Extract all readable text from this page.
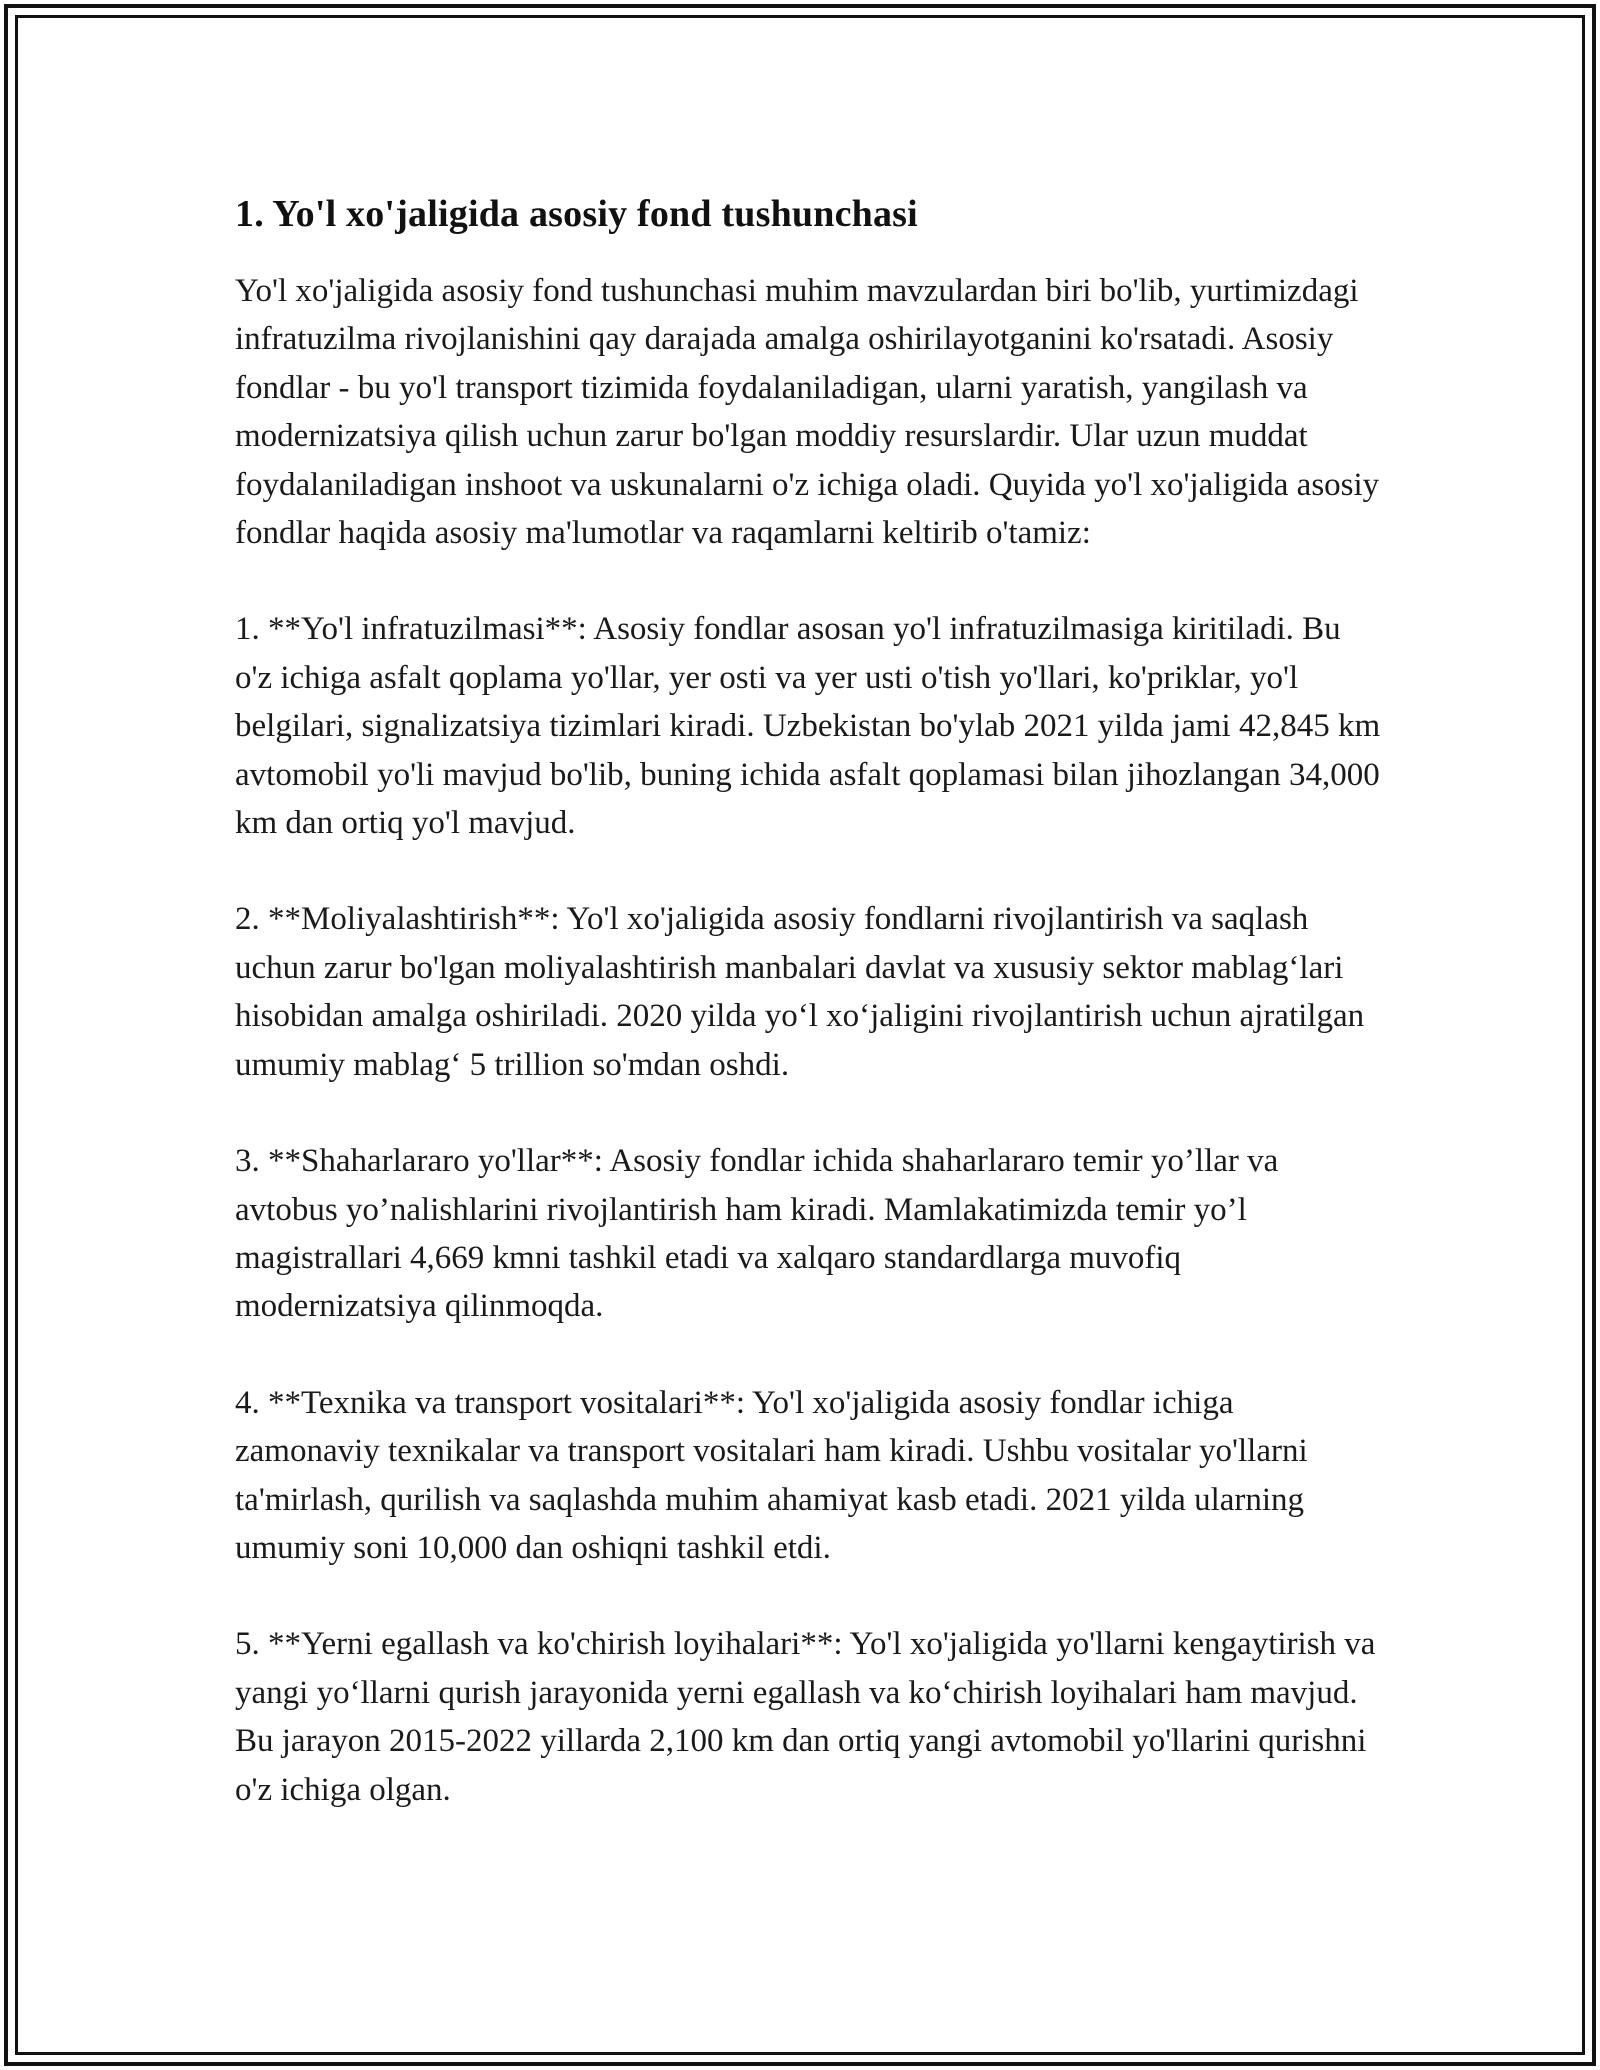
1. Yo'l xo'jaligida asosiy fond tushunchasi

Yo'l xo'jaligida asosiy fond tushunchasi muhim mavzulardan biri bo'lib, yurtimizdagi infratuzilma rivojlanishini qay darajada amalga oshirilayotganini ko'rsatadi. Asosiy fondlar - bu yo'l transport tizimida foydalaniladigan, ularni yaratish, yangilash va modernizatsiya qilish uchun zarur bo'lgan moddiy resurslardir. Ular uzun muddat foydalaniladigan inshoot va uskunalarni o'z ichiga oladi. Quyida yo'l xo'jaligida asosiy fondlar haqida asosiy ma'lumotlar va raqamlarni keltirib o'tamiz:

1. **Yo'l infratuzilmasi**: Asosiy fondlar asosan yo'l infratuzilmasiga kiritiladi. Bu o'z ichiga asfalt qoplama yo'llar, yer osti va yer usti o'tish yo'llari, ko'priklar, yo'l belgilari, signalizatsiya tizimlari kiradi. Uzbekistan bo'ylab 2021 yilda jami 42,845 km avtomobil yo'li mavjud bo'lib, buning ichida asfalt qoplamasi bilan jihozlangan 34,000 km dan ortiq yo'l mavjud.

2. **Moliyalashtirish**: Yo'l xo'jaligida asosiy fondlarni rivojlantirish va saqlash uchun zarur bo'lgan moliyalashtirish manbalari davlat va xususiy sektor mablag‘lari hisobidan amalga oshiriladi. 2020 yilda yo‘l xo‘jaligini rivojlantirish uchun ajratilgan umumiy mablag‘ 5 trillion so'mdan oshdi.

3. **Shaharlararo yo'llar**: Asosiy fondlar ichida shaharlararo temir yo’llar va avtobus yo’nalishlarini rivojlantirish ham kiradi. Mamlakatimizda temir yo’l magistrallari 4,669 kmni tashkil etadi va xalqaro standardlarga muvofiq modernizatsiya qilinmoqda.

4. **Texnika va transport vositalari**: Yo'l xo'jaligida asosiy fondlar ichiga zamonaviy texnikalar va transport vositalari ham kiradi. Ushbu vositalar yo'llarni ta'mirlash, qurilish va saqlashda muhim ahamiyat kasb etadi. 2021 yilda ularning umumiy soni 10,000 dan oshiqni tashkil etdi.

5. **Yerni egallash va ko'chirish loyihalari**: Yo'l xo'jaligida yo'llarni kengaytirish va yangi yo‘llarni qurish jarayonida yerni egallash va ko‘chirish loyihalari ham mavjud. Bu jarayon 2015-2022 yillarda 2,100 km dan ortiq yangi avtomobil yo'llarini qurishni o'z ichiga olgan.
